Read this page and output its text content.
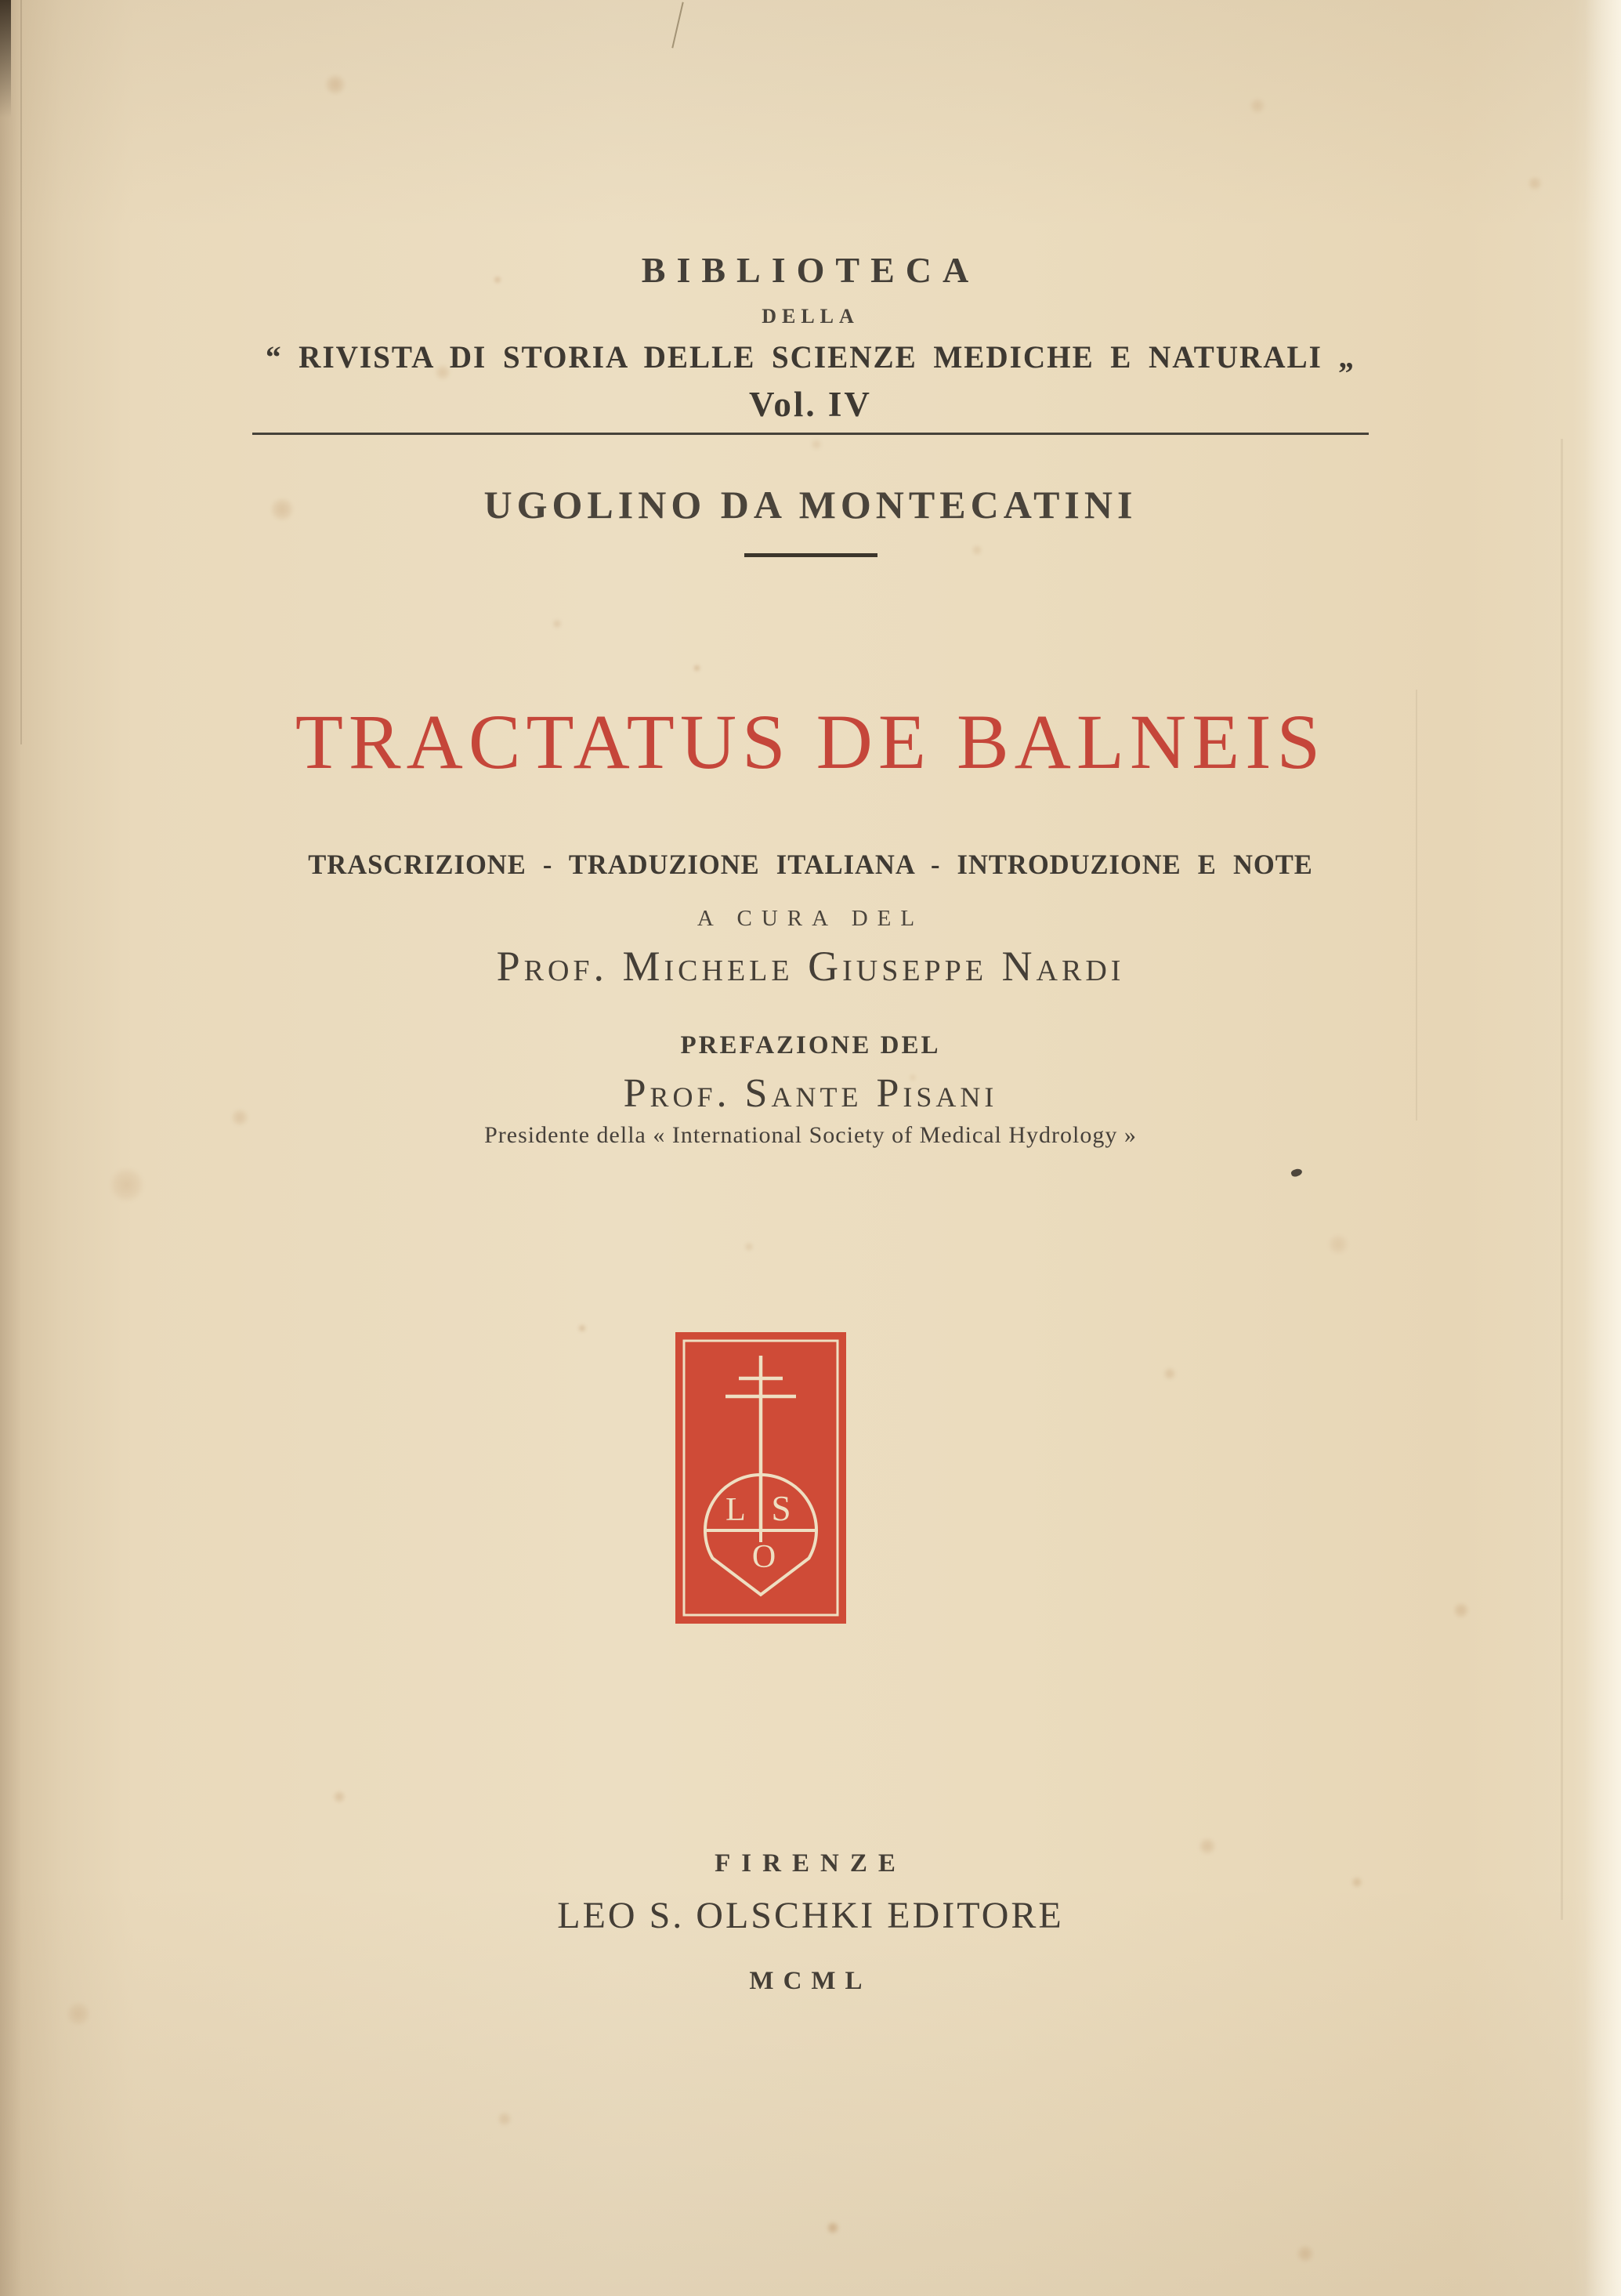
BIBLIOTECA
DELLA
“ RIVISTA DI STORIA DELLE SCIENZE MEDICHE E NATURALI „
Vol. IV
UGOLINO DA MONTECATINI
TRACTATUS DE BALNEIS
TRASCRIZIONE - TRADUZIONE ITALIANA - INTRODUZIONE E NOTE
A CURA DEL
Prof. Michele Giuseppe Nardi
PREFAZIONE DEL
Prof. Sante Pisani
Presidente della « International Society of Medical Hydrology »
L S
O
FIRENZE
LEO S. OLSCHKI EDITORE
MCML
